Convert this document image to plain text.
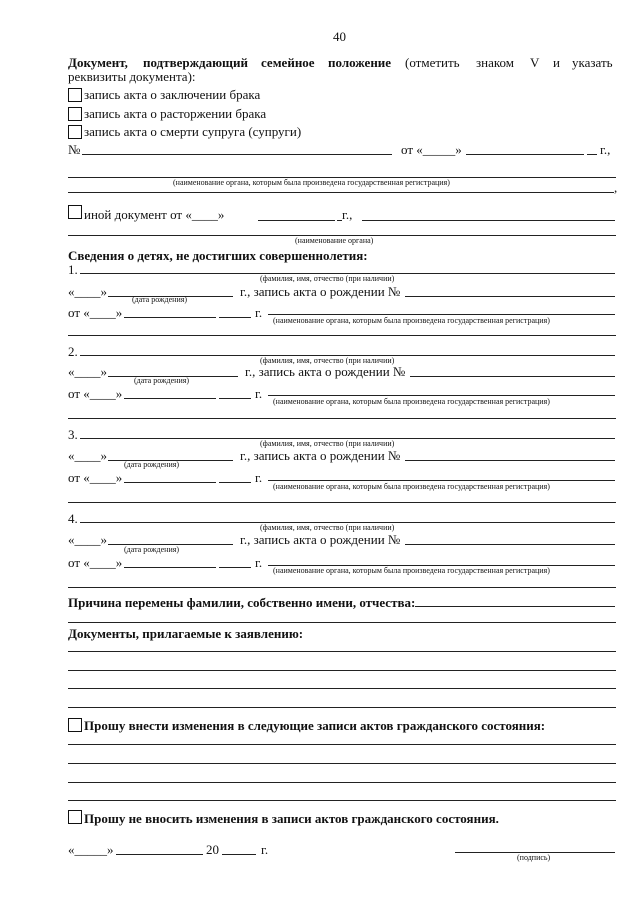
40
Документ, подтверждающий семейное положение (отметить знаком V и указать
реквизиты документа):
запись акта о заключении брака
запись акта о расторжении брака
запись акта о смерти супруга (супруги)
№	от «_____»	г.,
(наименование органа, которым была произведена государственная регистрация)	,
иной документ от «____»	г.,
(наименование органа)
Сведения о детях, не достигших совершеннолетия:
1.
(фамилия, имя, отчество (при наличии)
«____»
(дата рождения)
г., запись акта о рождении №
от «____»	г.
(наименование органа, которым была произведена государственная регистрация)
2.
(фамилия, имя, отчество (при наличии)
«____»
(дата рождения)
г., запись акта о рождении №
от «____»	г.
(наименование органа, которым была произведена государственная регистрация)
3.
(фамилия, имя, отчество (при наличии)
«____»
(дата рождения)
г., запись акта о рождении №
от «____»	г.
(наименование органа, которым была произведена государственная регистрация)
4.
(фамилия, имя, отчество (при наличии)
«____»
(дата рождения)
г., запись акта о рождении №
от «____»	г.
(наименование органа, которым была произведена государственная регистрация)
Причина перемены фамилии, собственно имени, отчества:
Документы, прилагаемые к заявлению:
Прошу внести изменения в следующие записи актов гражданского состояния:
Прошу не вносить изменения в записи актов гражданского состояния.
«_____»	20	г.
(подпись)
